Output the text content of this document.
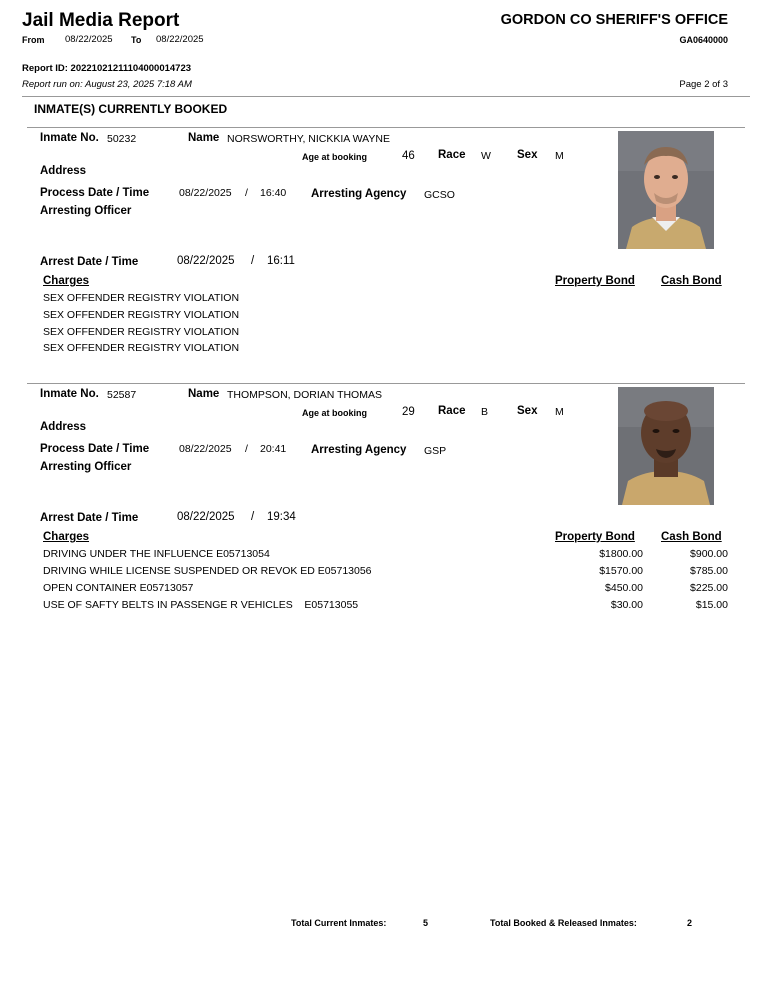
Jail Media Report
From 08/22/2025 To 08/22/2025
GORDON CO SHERIFF'S OFFICE
GA0640000
Report ID: 20221021211104000014723
Report run on: August 23, 2025 7:18 AM	Page 2 of 3
INMATE(S) CURRENTLY BOOKED
Inmate No. 50232	Name NORSWORTHY, NICKKIA WAYNE
Age at booking	46 Race W Sex M
Address
Process Date / Time	08/22/2025 / 16:40 Arresting Agency GCSO
Arresting Officer
Arrest Date / Time	08/22/2025 / 16:11
Charges	Property Bond Cash Bond
SEX OFFENDER REGISTRY VIOLATION
SEX OFFENDER REGISTRY VIOLATION
SEX OFFENDER REGISTRY VIOLATION
SEX OFFENDER REGISTRY VIOLATION
Inmate No. 52587	Name THOMPSON, DORIAN THOMAS
Age at booking	29 Race B	Sex M
Address
Process Date / Time	08/22/2025 / 20:41 Arresting Agency GSP
Arresting Officer
Arrest Date / Time	08/22/2025 / 19:34
Charges	Property Bond Cash Bond
DRIVING UNDER THE INFLUENCE E05713054	$1800.00	$900.00
DRIVING WHILE LICENSE SUSPENDED OR REVOK ED E05713056	$1570.00	$785.00
OPEN CONTAINER E05713057	$450.00	$225.00
USE OF SAFTY BELTS IN PASSENGE R VEHICLES    E05713055	$30.00	$15.00
Total Current Inmates:	5	Total Booked & Released Inmates:	2
